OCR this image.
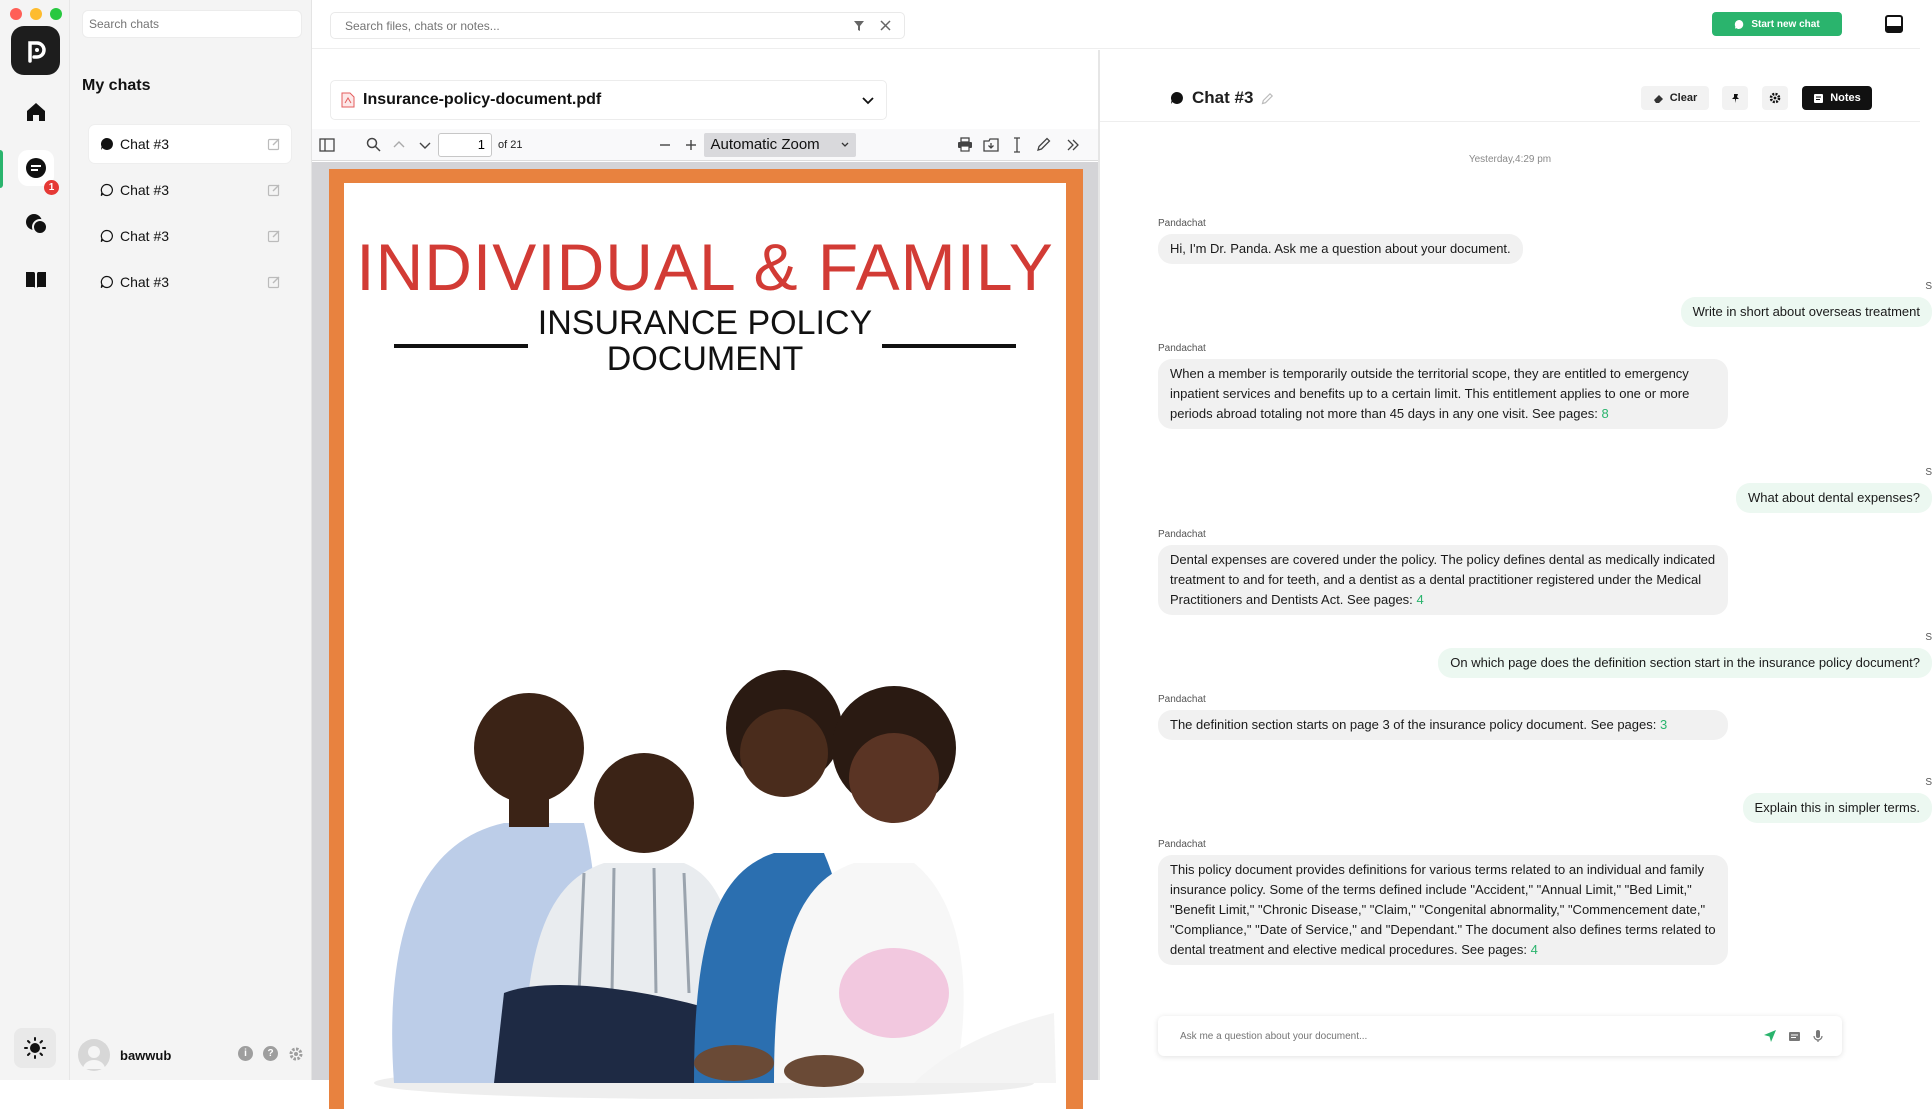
1
Search chats
My chats
Chat #3
Chat #3
Chat #3
Chat #3
bawwub	i	?
Search files, chats or notes...
Start new chat
Insurance-policy-document.pdf
1
of 21	Automatic Zoom
INDIVIDUAL & FAMILY
INSURANCE POLICY
DOCUMENT
Chat #3	Clear	Notes
Yesterday,4:29 pm
Pandachat
Hi, I'm Dr. Panda. Ask me a question about your document.
S
Write in short about overseas treatment
Pandachat
When a member is temporarily outside the territorial scope, they are entitled to emergency inpatient services and benefits up to a certain limit. This entitlement applies to one or more periods abroad totaling not more than 45 days in any one visit. See pages: 8
S
What about dental expenses?
Pandachat
Dental expenses are covered under the policy. The policy defines dental as medically indicated treatment to and for teeth, and a dentist as a dental practitioner registered under the Medical Practitioners and Dentists Act. See pages: 4
S
On which page does the definition section start in the insurance policy document?
Pandachat
The definition section starts on page 3 of the insurance policy document. See pages: 3
S
Explain this in simpler terms.
Pandachat
This policy document provides definitions for various terms related to an individual and family insurance policy. Some of the terms defined include "Accident," "Annual Limit," "Bed Limit," "Benefit Limit," "Chronic Disease," "Claim," "Congenital abnormality," "Commencement date," "Compliance," "Date of Service," and "Dependant." The document also defines terms related to dental treatment and elective medical procedures. See pages: 4
Ask me a question about your document...
